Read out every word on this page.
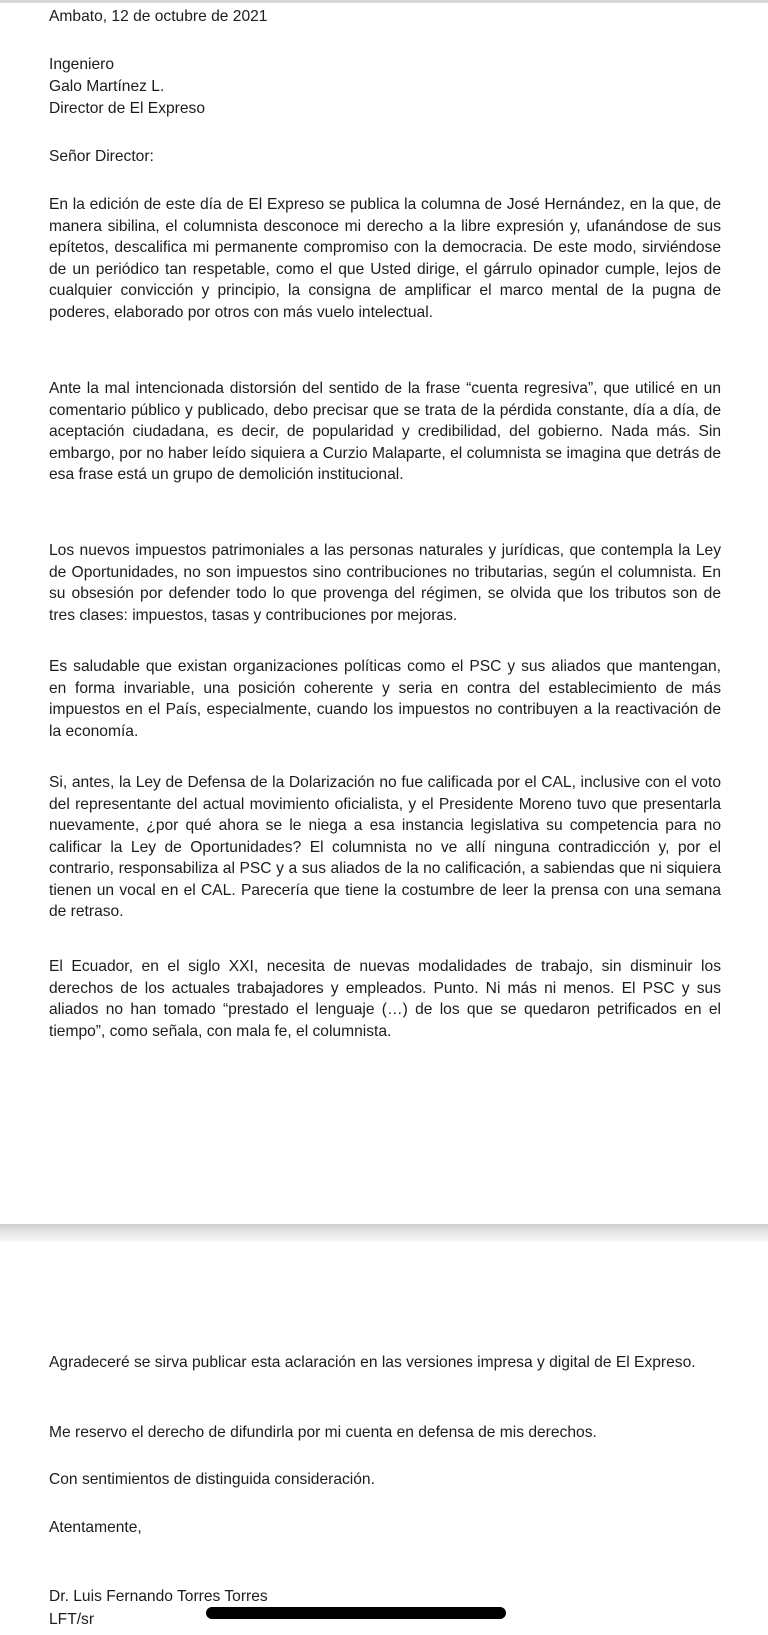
Ambato, 12 de octubre de 2021

Ingeniero

Galo Martínez L.

Director de El Expreso

Señor Director:

En la edición de este día de El Expreso se publica la columna de José Hernández, en la que, de manera sibilina, el columnista desconoce mi derecho a la libre expresión y, ufanándose de sus epítetos, descalifica mi permanente compromiso con la democracia. De este modo, sirviéndose de un periódico tan respetable, como el que Usted dirige, el gárrulo opinador cumple, lejos de cualquier convicción y principio, la consigna de amplificar el marco mental de la pugna de poderes, elaborado por otros con más vuelo intelectual.

Ante la mal intencionada distorsión del sentido de la frase “cuenta regresiva”, que utilicé en un comentario público y publicado, debo precisar que se trata de la pérdida constante, día a día, de aceptación ciudadana, es decir, de popularidad y credibilidad, del gobierno. Nada más. Sin embargo, por no haber leído siquiera a Curzio Malaparte, el columnista se imagina que detrás de esa frase está un grupo de demolición institucional.

Los nuevos impuestos patrimoniales a las personas naturales y jurídicas, que contempla la Ley de Oportunidades, no son impuestos sino contribuciones no tributarias, según el columnista. En su obsesión por defender todo lo que provenga del régimen, se olvida que los tributos son de tres clases: impuestos, tasas y contribuciones por mejoras.

Es saludable que existan organizaciones políticas como el PSC y sus aliados que mantengan, en forma invariable, una posición coherente y seria en contra del establecimiento de más impuestos en el País, especialmente, cuando los impuestos no contribuyen a la reactivación de la economía.

Si, antes, la Ley de Defensa de la Dolarización no fue calificada por el CAL, inclusive con el voto del representante del actual movimiento oficialista, y el Presidente Moreno tuvo que presentarla nuevamente, ¿por qué ahora se le niega a esa instancia legislativa su competencia para no calificar la Ley de Oportunidades? El columnista no ve allí ninguna contradicción y, por el contrario, responsabiliza al PSC y a sus aliados de la no calificación, a sabiendas que ni siquiera tienen un vocal en el CAL. Parecería que tiene la costumbre de leer la prensa con una semana de retraso.

El Ecuador, en el siglo XXI, necesita de nuevas modalidades de trabajo, sin disminuir los derechos de los actuales trabajadores y empleados. Punto. Ni más ni menos. El PSC y sus aliados no han tomado “prestado el lenguaje (…) de los que se quedaron petrificados en el tiempo”, como señala, con mala fe, el columnista.

Agradeceré se sirva publicar esta aclaración en las versiones impresa y digital de El Expreso.

Me reservo el derecho de difundirla por mi cuenta en defensa de mis derechos.

Con sentimientos de distinguida consideración.

Atentamente,

Dr. Luis Fernando Torres Torres

LFT/sr
